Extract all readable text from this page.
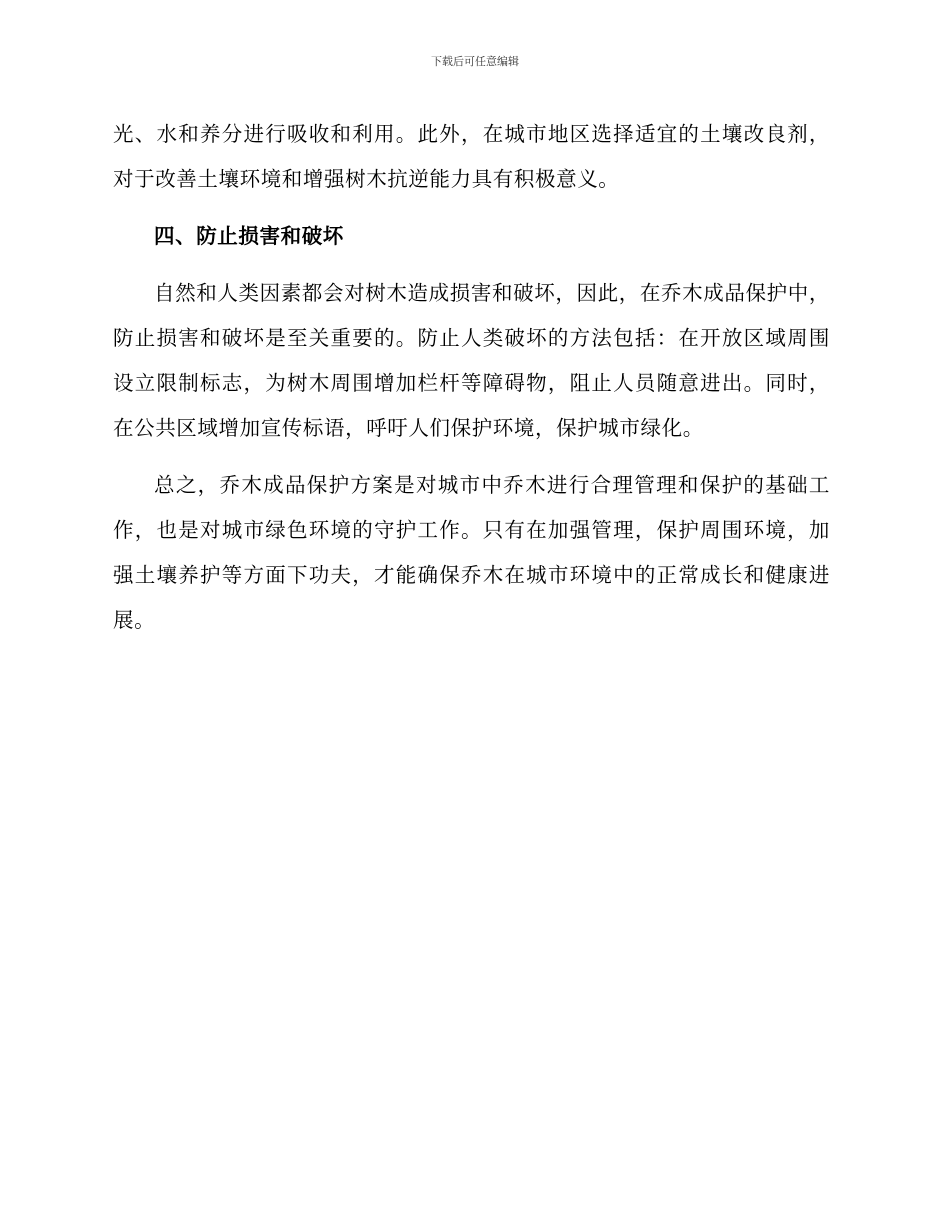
下载后可任意编辑

光、水和养分进行吸收和利用。此外，在城市地区选择适宜的土壤改良剂，对于改善土壤环境和增强树木抗逆能力具有积极意义。

四、防止损害和破坏

自然和人类因素都会对树木造成损害和破坏，因此，在乔木成品保护中，防止损害和破坏是至关重要的。防止人类破坏的方法包括：在开放区域周围设立限制标志，为树木周围增加栏杆等障碍物，阻止人员随意进出。同时，在公共区域增加宣传标语，呼吁人们保护环境，保护城市绿化。

总之，乔木成品保护方案是对城市中乔木进行合理管理和保护的基础工作，也是对城市绿色环境的守护工作。只有在加强管理，保护周围环境，加强土壤养护等方面下功夫，才能确保乔木在城市环境中的正常成长和健康进展。
